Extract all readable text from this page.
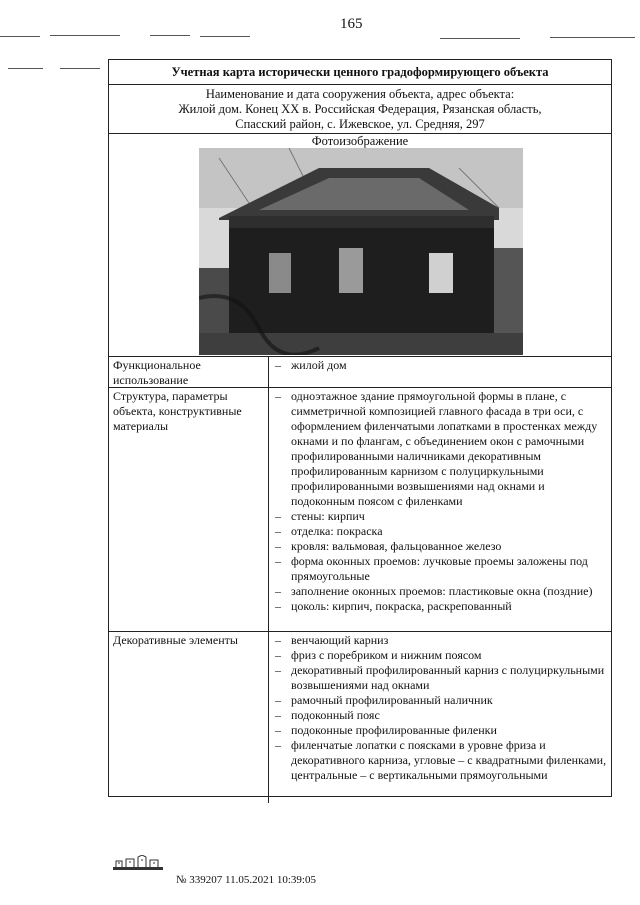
165
Учетная карта исторически ценного градоформирующего объекта
Наименование и дата сооружения объекта, адрес объекта:
Жилой дом. Конец XX в. Российская Федерация, Рязанская область,
Спасский район, с. Ижевское, ул. Средняя, 297
Фотоизображение
Функциональное использование
– жилой дом
Структура, параметры объекта, конструктивные материалы
– одноэтажное здание прямоугольной формы в плане, с симметричной композицией главного фасада в три оси, с оформлением филенчатыми лопатками в простенках между окнами и по флангам, с объединением окон с рамочными профилированными наличниками декоративным профилированным карнизом с полуциркульными профилированными возвышениями над окнами и подоконным поясом с филенками
– стены: кирпич
– отделка: покраска
– кровля: вальмовая, фальцованное железо
– форма оконных проемов: лучковые проемы заложены под прямоугольные
– заполнение оконных проемов: пластиковые окна (поздние)
– цоколь: кирпич, покраска, раскрепованный
Декоративные элементы	– венчающий карниз
– фриз с поребриком и нижним поясом
– декоративный профилированный карниз с полуциркульными возвышениями над окнами
– рамочный профилированный наличник
– подоконный пояс
– подоконные профилированные филенки
– филенчатые лопатки с поясками в уровне фриза и декоративного карниза, угловые – с квадратными филенками, центральные – с вертикальными прямоугольными
№ 339207 11.05.2021 10:39:05
